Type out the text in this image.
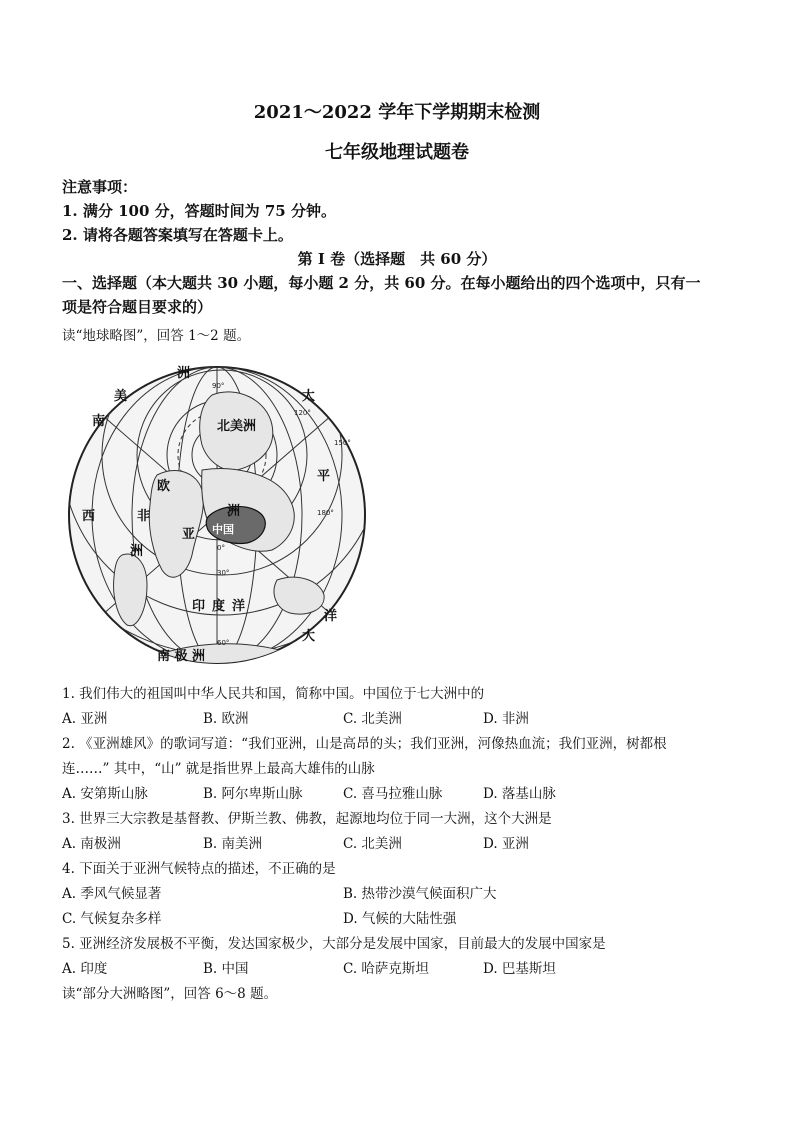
2021～2022 学年下学期期末检测
七年级地理试题卷
注意事项：
1. 满分 100 分，答题时间为 75 分钟。
2. 请将各题答案填写在答题卡上。
第 I 卷（选择题　共 60 分）
一、选择题（本大题共 30 小题，每小题 2 分，共 60 分。在每小题给出的四个选项中，只有一
项是符合题目要求的）
读“地球略图”，回答 1～2 题。
洲
美
南	北美洲
太
欧
非
洲
亚 中国
洲
印 度 洋
平
大
洋
西
南 极 洲
90°
120°
150°
180°
60°
30°
0°
1. 我们伟大的祖国叫中华人民共和国，简称中国。中国位于七大洲中的
A. 亚洲	B. 欧洲	C. 北美洲	D. 非洲
2. 《亚洲雄风》的歌词写道：“我们亚洲，山是高昂的头；我们亚洲，河像热血流；我们亚洲，树都根
连……” 其中，“山” 就是指世界上最高大雄伟的山脉
A. 安第斯山脉	B. 阿尔卑斯山脉	C. 喜马拉雅山脉	D. 落基山脉
3. 世界三大宗教是基督教、伊斯兰教、佛教，起源地均位于同一大洲，这个大洲是
A. 南极洲	B. 南美洲	C. 北美洲	D. 亚洲
4. 下面关于亚洲气候特点的描述，不正确的是
A. 季风气候显著	B. 热带沙漠气候面积广大
C. 气候复杂多样	D. 气候的大陆性强
5. 亚洲经济发展极不平衡，发达国家极少，大部分是发展中国家，目前最大的发展中国家是
A. 印度	B. 中国	C. 哈萨克斯坦	D. 巴基斯坦
读“部分大洲略图”，回答 6～8 题。
